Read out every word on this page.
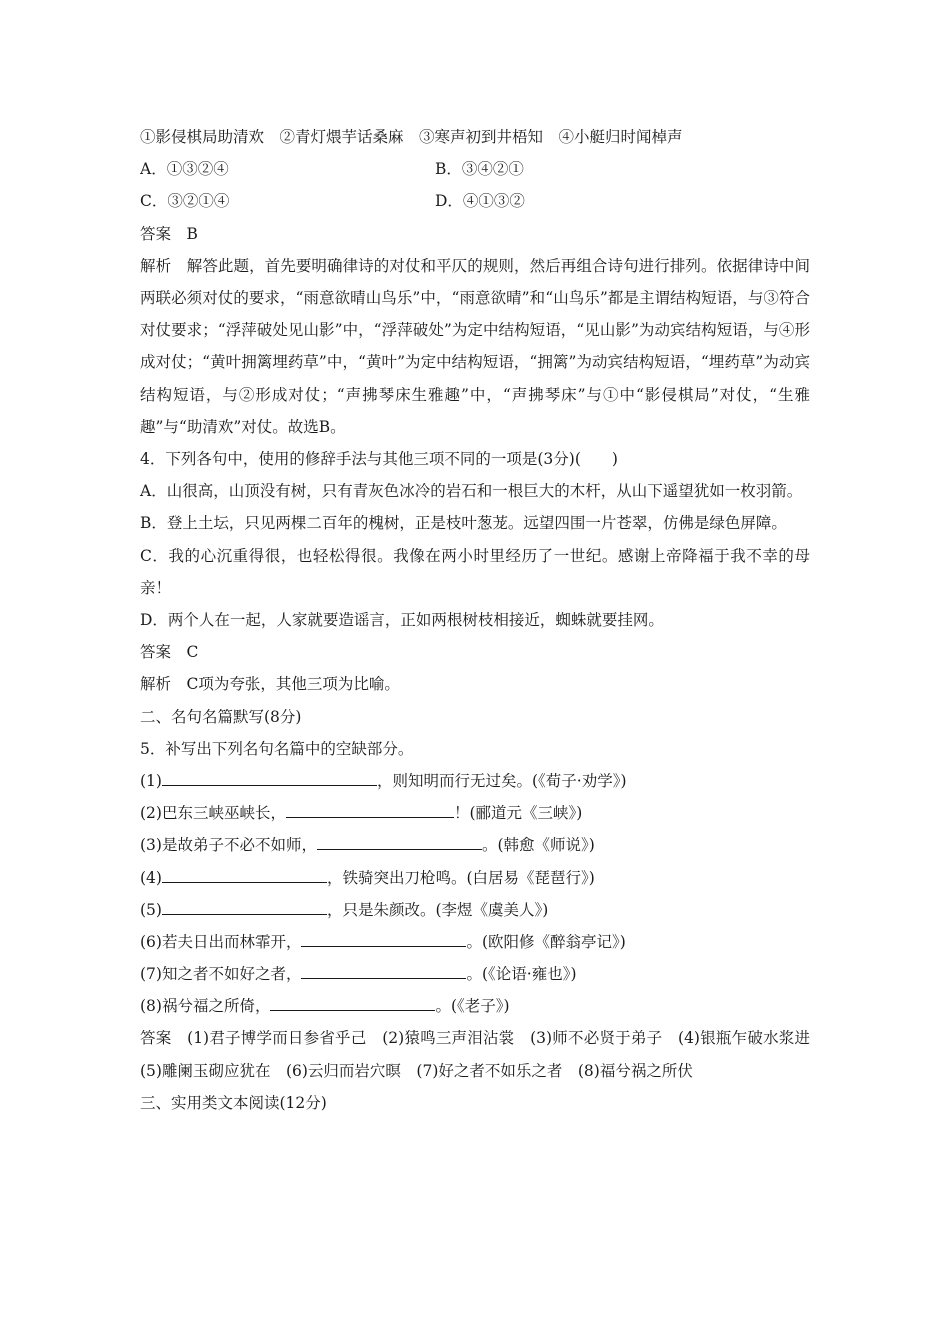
①影侵棋局助清欢　②青灯煨芋话桑麻　③寒声初到井梧知　④小艇归时闻棹声
A．①③②④	B．③④②①
C．③②①④	D．④①③②
答案　B
解析　解答此题，首先要明确律诗的对仗和平仄的规则，然后再组合诗句进行排列。依据律诗中间两联必须对仗的要求，“雨意欲晴山鸟乐”中，“雨意欲晴”和“山鸟乐”都是主谓结构短语，与③符合对仗要求；“浮萍破处见山影”中，“浮萍破处”为定中结构短语，“见山影”为动宾结构短语，与④形成对仗；“黄叶拥篱埋药草”中，“黄叶”为定中结构短语，“拥篱”为动宾结构短语，“埋药草”为动宾结构短语，与②形成对仗；“声拂琴床生雅趣”中，“声拂琴床”与①中“影侵棋局”对仗，“生雅趣”与“助清欢”对仗。故选B。
4．下列各句中，使用的修辞手法与其他三项不同的一项是(3分)(　　)
A．山很高，山顶没有树，只有青灰色冰冷的岩石和一根巨大的木杆，从山下遥望犹如一枚羽箭。
B．登上土坛，只见两棵二百年的槐树，正是枝叶葱茏。远望四围一片苍翠，仿佛是绿色屏障。
C．我的心沉重得很，也轻松得很。我像在两小时里经历了一世纪。感谢上帝降福于我不幸的母亲！
D．两个人在一起，人家就要造谣言，正如两根树枝相接近，蜘蛛就要挂网。
答案　C
解析　C项为夸张，其他三项为比喻。
二、名句名篇默写(8分)
5．补写出下列名句名篇中的空缺部分。
(1)	，则知明而行无过矣。(《荀子·劝学》)
(2)巴东三峡巫峡长，	！(郦道元《三峡》)
(3)是故弟子不必不如师，	。(韩愈《师说》)
(4)	，铁骑突出刀枪鸣。(白居易《琵琶行》)
(5)	，只是朱颜改。(李煜《虞美人》)
(6)若夫日出而林霏开，	。(欧阳修《醉翁亭记》)
(7)知之者不如好之者，	。(《论语·雍也》)
(8)祸兮福之所倚，	。(《老子》)
答案　(1)君子博学而日参省乎己　(2)猿鸣三声泪沾裳　(3)师不必贤于弟子　(4)银瓶乍破水浆进　(5)雕阑玉砌应犹在　(6)云归而岩穴暝　(7)好之者不如乐之者　(8)福兮祸之所伏
三、实用类文本阅读(12分)
